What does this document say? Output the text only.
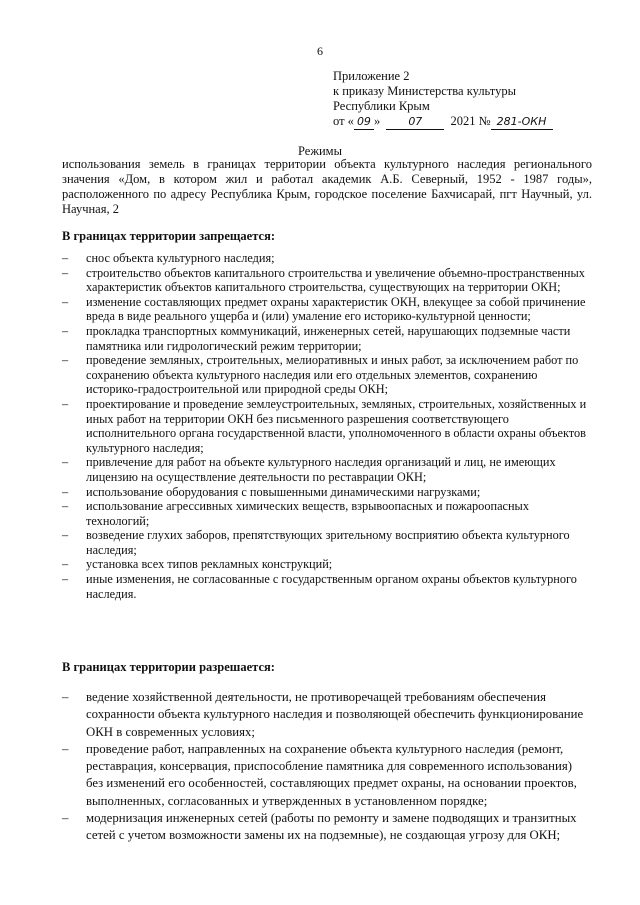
6
Приложение 2
к приказу Министерства культуры
Республики Крым
от « 09 »	07 2021 № 281-ОКН
Режимы
использования земель в границах территории объекта культурного наследия регионального значения «Дом, в котором жил и работал академик А.Б. Северный, 1952 - 1987 годы», расположенного по адресу Республика Крым, городское поселение Бахчисарай, пгт Научный, ул. Научная, 2
В границах территории запрещается:
– снос объекта культурного наследия;
– строительство объектов капитального строительства и увеличение объемно-пространственных характеристик объектов капитального строительства, существующих на территории ОКН;
– изменение составляющих предмет охраны характеристик ОКН, влекущее за собой причинение вреда в виде реального ущерба и (или) умаление его историко-культурной ценности;
– прокладка транспортных коммуникаций, инженерных сетей, нарушающих подземные части памятника или гидрологический режим территории;
– проведение земляных, строительных, мелиоративных и иных работ, за исключением работ по сохранению объекта культурного наследия или его отдельных элементов, сохранению историко-градостроительной или природной среды ОКН;
– проектирование и проведение землеустроительных, земляных, строительных, хозяйственных и иных работ на территории ОКН без письменного разрешения соответствующего исполнительного органа государственной власти, уполномоченного в области охраны объектов культурного наследия;
– привлечение для работ на объекте культурного наследия организаций и лиц, не имеющих лицензию на осуществление деятельности по реставрации ОКН;
– использование оборудования с повышенными динамическими нагрузками;
– использование агрессивных химических веществ, взрывоопасных и пожароопасных технологий;
– возведение глухих заборов, препятствующих зрительному восприятию объекта культурного наследия;
– установка всех типов рекламных конструкций;
– иные изменения, не согласованные с государственным органом охраны объектов культурного наследия.
В границах территории разрешается:
– ведение хозяйственной деятельности, не противоречащей требованиям обеспечения сохранности объекта культурного наследия и позволяющей обеспечить функционирование ОКН в современных условиях;
– проведение работ, направленных на сохранение объекта культурного наследия (ремонт, реставрация, консервация, приспособление памятника для современного использования) без изменений его особенностей, составляющих предмет охраны, на основании проектов, выполненных, согласованных и утвержденных в установленном порядке;
– модернизация инженерных сетей (работы по ремонту и замене подводящих и транзитных сетей с учетом возможности замены их на подземные), не создающая угрозу для ОКН;
